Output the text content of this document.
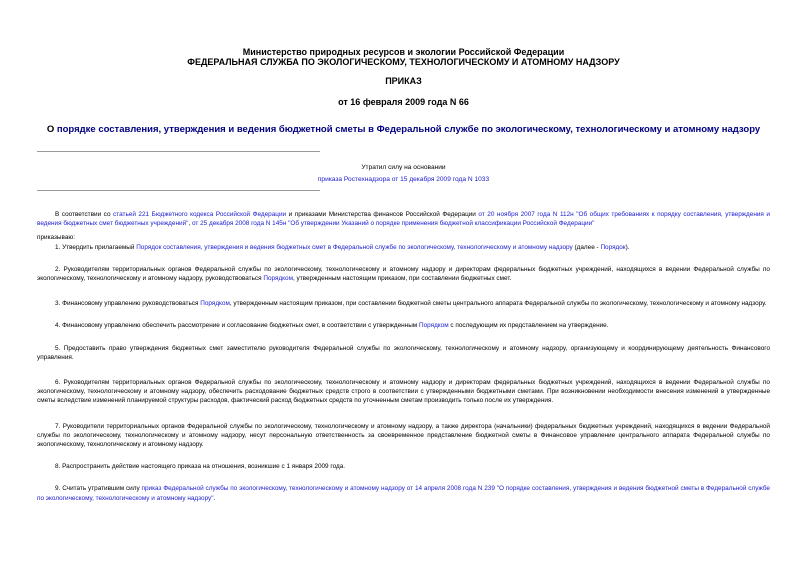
Министерство природных ресурсов и экологии Российской Федерации
ФЕДЕРАЛЬНАЯ СЛУЖБА ПО ЭКОЛОГИЧЕСКОМУ, ТЕХНОЛОГИЧЕСКОМУ И АТОМНОМУ НАДЗОРУ
ПРИКАЗ
от 16 февраля 2009 года N 66
О порядке составления, утверждения и ведения бюджетной сметы в Федеральной службе по экологическому, технологическому и атомному надзору
Утратил силу на основании
приказа Ростехнадзора от 15 декабря 2009 года N 1033

В соответствии со статьей 221 Бюджетного кодекса Российской Федерации и приказами Министерства финансов Российской Федерации от 20 ноября 2007 года N 112н "Об общих требованиях к порядку составления, утверждения и ведения бюджетных смет бюджетных учреждений", от 25 декабря 2008 года N 145н "Об утверждении Указаний о порядке применения бюджетной классификации Российской Федерации"

приказываю:

1. Утвердить прилагаемый Порядок составления, утверждения и ведения бюджетных смет в Федеральной службе по экологическому, технологическому и атомному надзору (далее - Порядок).

2. Руководителям территориальных органов Федеральной службы по экологическому, технологическому и атомному надзору и директорам федеральных бюджетных учреждений, находящихся в ведении Федеральной службы по экологическому, технологическому и атомному надзору, руководствоваться Порядком, утвержденным настоящим приказом, при составлении бюджетных смет.

3. Финансовому управлению руководствоваться Порядком, утвержденным настоящим приказом, при составлении бюджетной сметы центрального аппарата Федеральной службы по экологическому, технологическому и атомному надзору.

4. Финансовому управлению обеспечить рассмотрение и согласование бюджетных смет, в соответствии с утвержденным Порядком с последующим их представлением на утверждение.

5. Предоставить право утверждения бюджетных смет заместителю руководителя Федеральной службы по экологическому, технологическому и атомному надзору, организующему и координирующему деятельность Финансового управления.

6. Руководителям территориальных органов Федеральной службы по экологическому, технологическому и атомному надзору и директорам федеральных бюджетных учреждений, находящихся в ведении Федеральной службы по экологическому, технологическому и атомному надзору, обеспечить расходование бюджетных средств строго в соответствии с утвержденными бюджетными сметами. При возникновении необходимости внесения изменений в утвержденные сметы вследствие изменений планируемой структуры расходов, фактический расход бюджетных средств по уточненным сметам производить только после их утверждения.

7. Руководители территориальных органов Федеральной службы по экологическому, технологическому и атомному надзору, а также директора (начальники) федеральных бюджетных учреждений, находящихся в ведении Федеральной службы по экологическому, технологическому и атомному надзору, несут персональную ответственность за своевременное представление бюджетной сметы в Финансовое управление центрального аппарата Федеральной службы по экологическому, технологическому и атомному надзору.

8. Распространить действие настоящего приказа на отношения, возникшие с 1 января 2009 года.

9. Считать утратившим силу приказ Федеральной службы по экологическому, технологическому и атомному надзору от 14 апреля 2008 года N 239 "О порядке составления, утверждения и ведения бюджетной сметы в Федеральной службе по экологическому, технологическому и атомному надзору".
